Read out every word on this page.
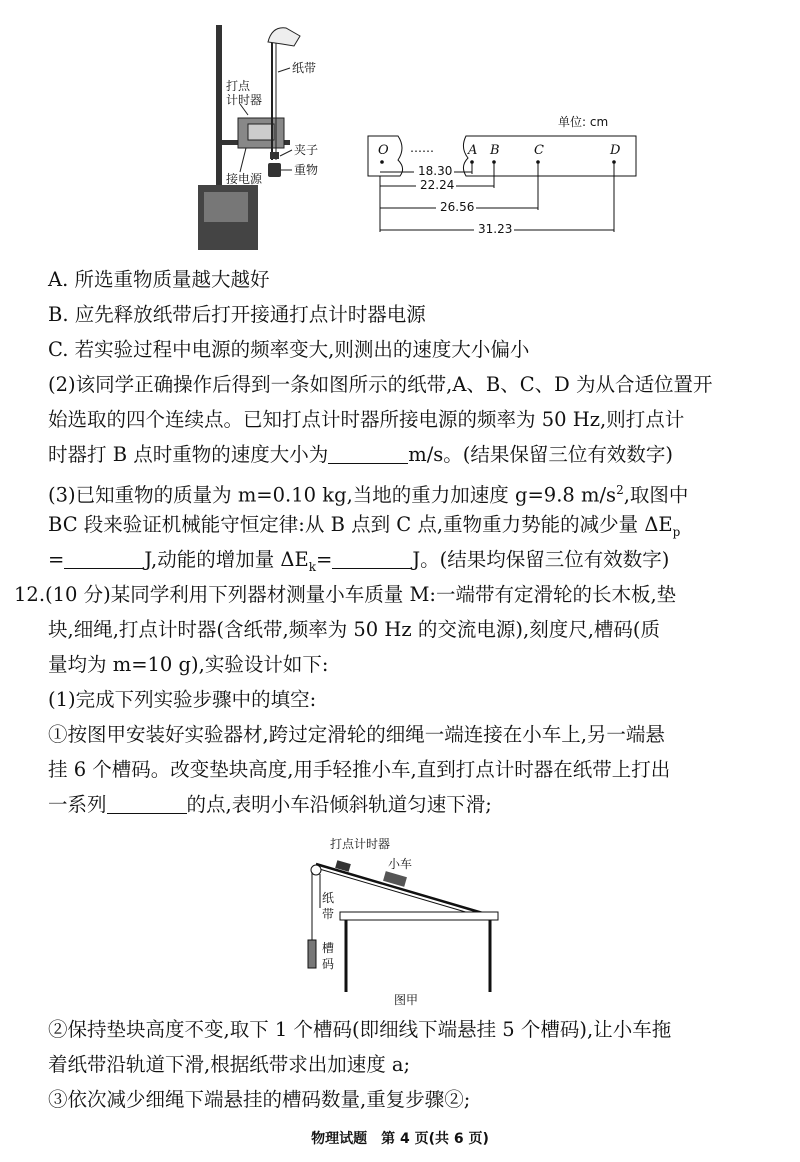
纸带
打点
计时器
夹子
接电源
重物
单位: cm
O ……	A B	C	D
18.30
22.24
26.56
31.23
A. 所选重物质量越大越好
B. 应先释放纸带后打开接通打点计时器电源
C. 若实验过程中电源的频率变大,则测出的速度大小偏小
(2)该同学正确操作后得到一条如图所示的纸带,A、B、C、D 为从合适位置开
始选取的四个连续点。已知打点计时器所接电源的频率为 50 Hz,则打点计
时器打 B 点时重物的速度大小为	m/s。(结果保留三位有效数字)
(3)已知重物的质量为 m=0.10 kg,当地的重力加速度 g=9.8 $m/s^2$,取图中
BC 段来验证机械能守恒定律:从 B 点到 C 点,重物重力势能的减少量 $\Delta E_p$
=	J,动能的增加量 $\Delta E_k=$	J。(结果均保留三位有效数字)
12.(10 分)某同学利用下列器材测量小车质量 M:一端带有定滑轮的长木板,垫
块,细绳,打点计时器(含纸带,频率为 50 Hz 的交流电源),刻度尺,槽码(质
量均为 m=10 g),实验设计如下:
(1)完成下列实验步骤中的填空:
①按图甲安装好实验器材,跨过定滑轮的细绳一端连接在小车上,另一端悬
挂 6 个槽码。改变垫块高度,用手轻推小车,直到打点计时器在纸带上打出
一系列	的点,表明小车沿倾斜轨道匀速下滑;
打点计时器
小车
纸
带
槽
码
图甲
②保持垫块高度不变,取下 1 个槽码(即细线下端悬挂 5 个槽码),让小车拖
着纸带沿轨道下滑,根据纸带求出加速度 a;
③依次减少细绳下端悬挂的槽码数量,重复步骤②;
物理试题　第 4 页(共 6 页)
